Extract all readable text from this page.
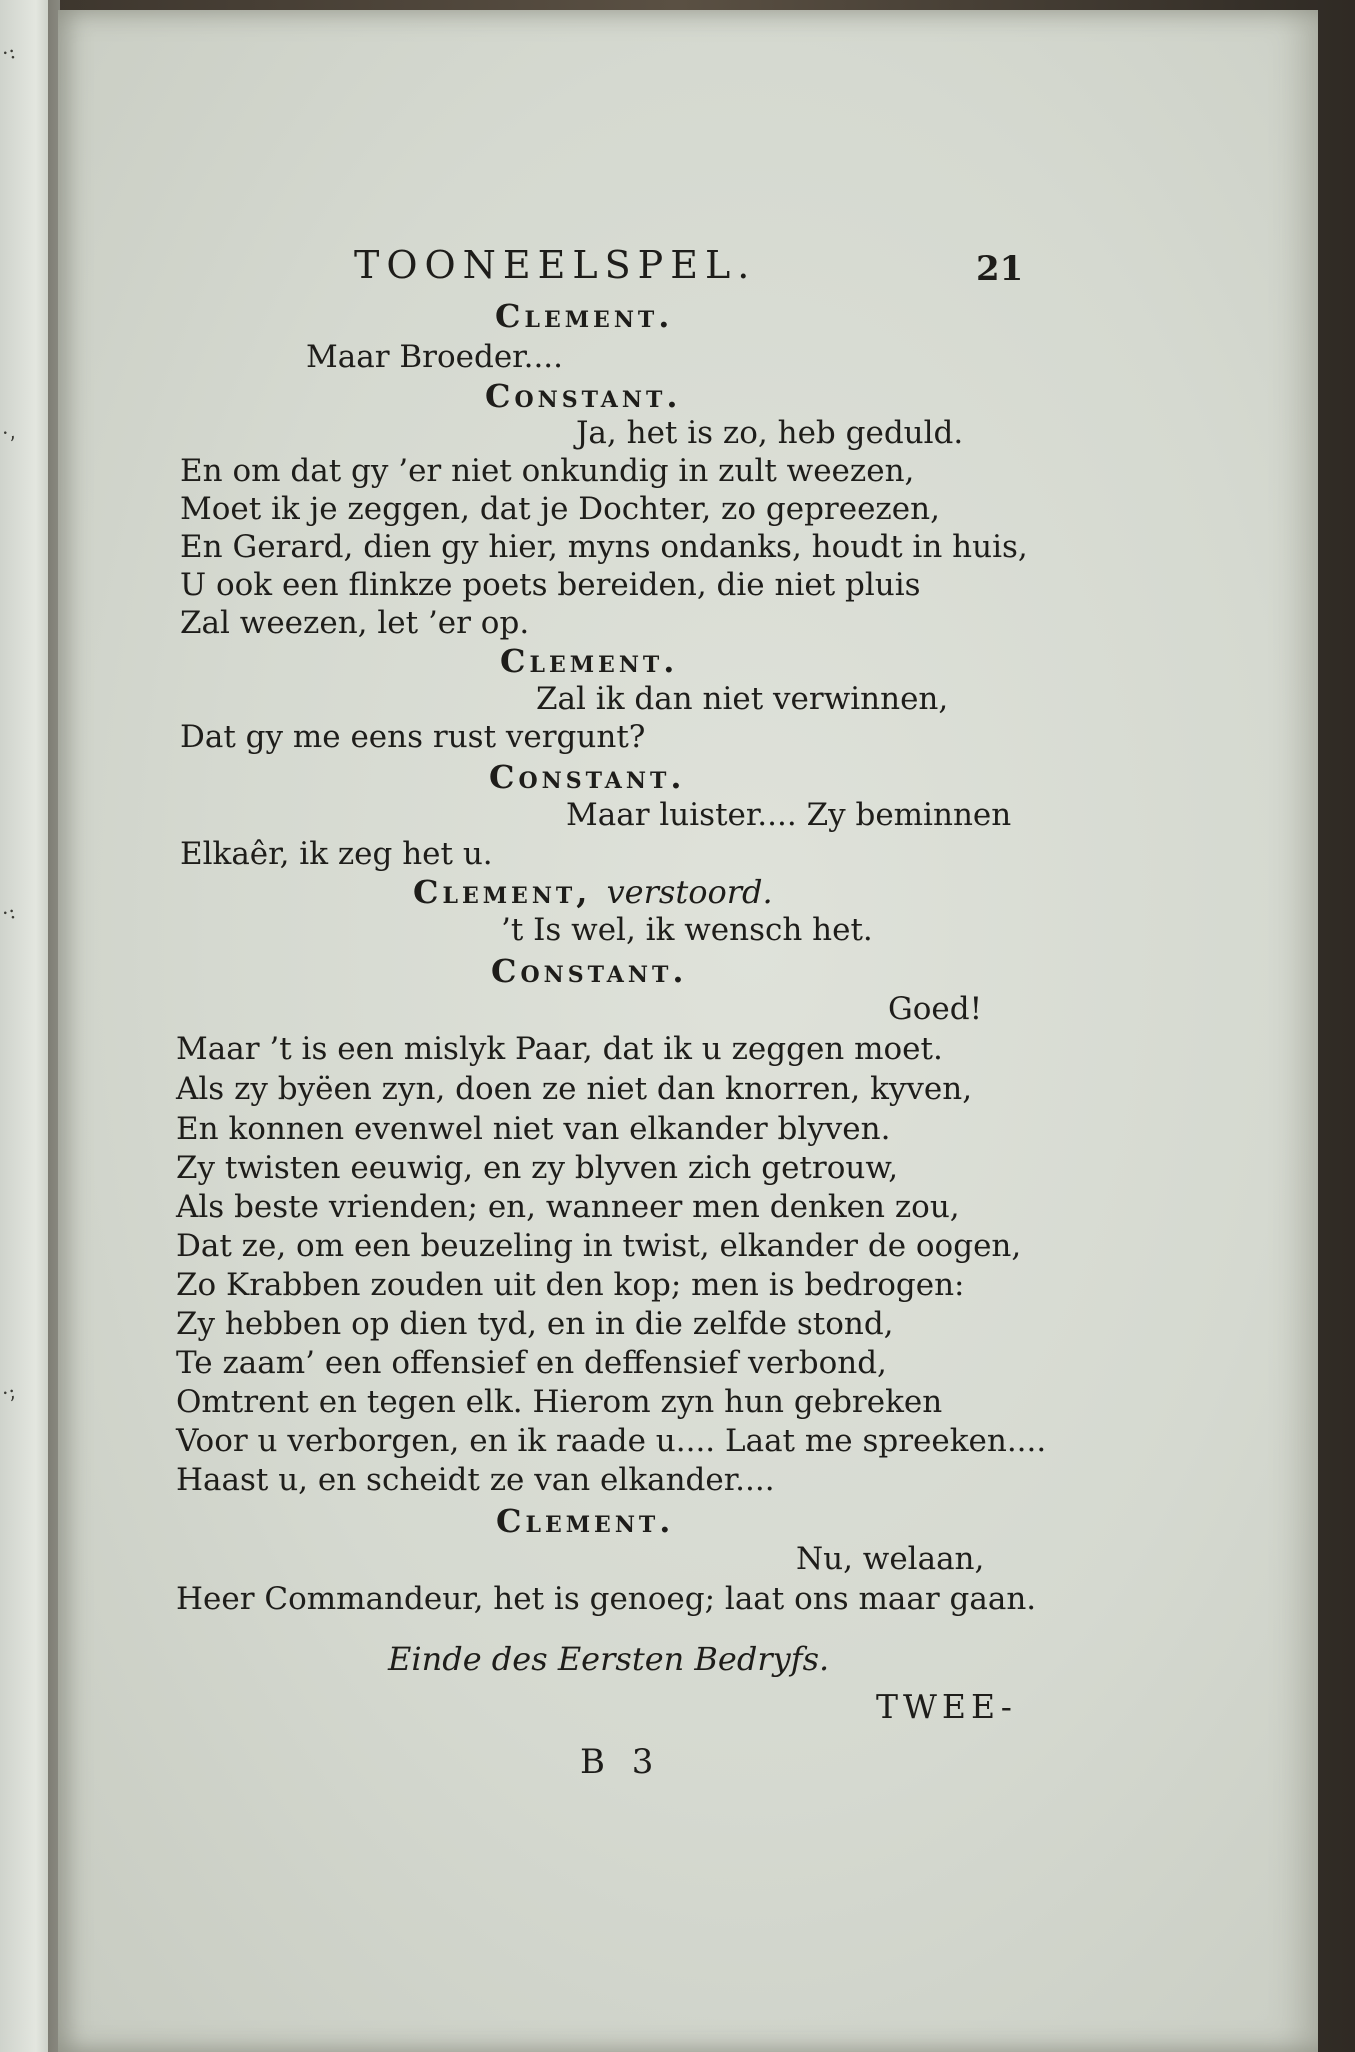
·:
·,
·:
·;
TOONEELSPEL.	21
Clement.
Maar Broeder....
Constant.
Ja, het is zo, heb geduld.
En om dat gy ’er niet onkundig in zult weezen,
Moet ik je zeggen, dat je Dochter, zo gepreezen,
En Gerard, dien gy hier, myns ondanks, houdt in huis,
U ook een flinkze poets bereiden, die niet pluis
Zal weezen, let ’er op.
Clement.
Zal ik dan niet verwinnen,
Dat gy me eens rust vergunt?
Constant.
Maar luister.... Zy beminnen
Elkaêr, ik zeg het u.
Clement, verstoord.
’t Is wel, ik wensch het.
Constant.
Goed!
Maar ’t is een mislyk Paar, dat ik u zeggen moet.
Als zy byëen zyn, doen ze niet dan knorren, kyven,
En konnen evenwel niet van elkander blyven.
Zy twisten eeuwig, en zy blyven zich getrouw,
Als beste vrienden; en, wanneer men denken zou,
Dat ze, om een beuzeling in twist, elkander de oogen,
Zo Krabben zouden uit den kop; men is bedrogen:
Zy hebben op dien tyd, en in die zelfde stond,
Te zaam’ een offensief en deffensief verbond,
Omtrent en tegen elk. Hierom zyn hun gebreken
Voor u verborgen, en ik raade u.... Laat me spreeken....
Haast u, en scheidt ze van elkander....
Clement.
Nu, welaan,
Heer Commandeur, het is genoeg; laat ons maar gaan.
Einde des Eersten Bedryfs.
TWEE-
B 3
